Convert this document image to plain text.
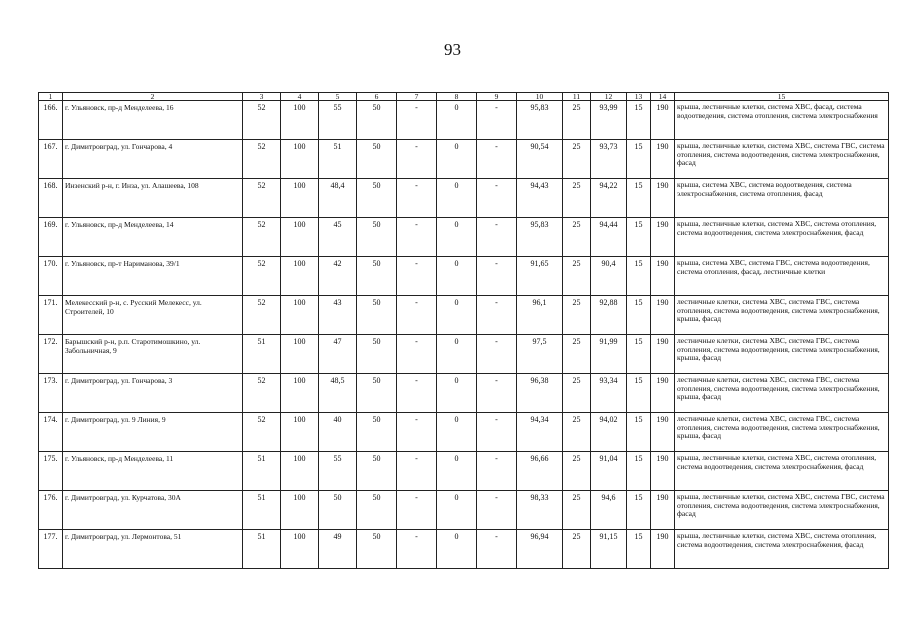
93
1	2	3	4	5	6	7	8	9	10	11	12	13	14	15
166.	г. Ульяновск, пр-д Менделеева, 16	52	100	55	50	-	0	-	95,83	25	93,99	15	190	крыша, лестничные клетки, система ХВС, фасад, система водоотведения, система отопления, система электроснабжения
167.	г. Димитровград, ул. Гончарова, 4	52	100	51	50	-	0	-	90,54	25	93,73	15	190	крыша, лестничные клетки, система ХВС, система ГВС, система отопления, система водоотведения, система электроснабжения, фасад
168.	Инзенский р-н, г. Инза, ул. Алашеева, 108	52	100	48,4	50	-	0	-	94,43	25	94,22	15	190	крыша, система ХВС, система водоотведения, система электроснабжения, система отопления, фасад
169.	г. Ульяновск, пр-д Менделеева, 14	52	100	45	50	-	0	-	95,83	25	94,44	15	190	крыша, лестничные клетки, система ХВС, система отопления, система водоотведения, система электроснабжения, фасад
170.	г. Ульяновск, пр-т Нариманова, 39/1	52	100	42	50	-	0	-	91,65	25	90,4	15	190	крыша, система ХВС, система ГВС, система водоотведения, система отопления, фасад, лестничные клетки
171.	Мелекесский р-н, с. Русский Мелекесс, ул. Строителей, 10	52	100	43	50	-	0	-	96,1	25	92,88	15	190	лестничные клетки, система ХВС, система ГВС, система отопления, система водоотведения, система электроснабжения, крыша, фасад
172.	Барышский р-н, р.п. Старотимошкино, ул. Забольничная, 9	51	100	47	50	-	0	-	97,5	25	91,99	15	190	лестничные клетки, система ХВС, система ГВС, система отопления, система водоотведения, система электроснабжения, крыша, фасад
173.	г. Димитровград, ул. Гончарова, 3	52	100	48,5	50	-	0	-	96,38	25	93,34	15	190	лестничные клетки, система ХВС, система ГВС, система отопления, система водоотведения, система электроснабжения, крыша, фасад
174.	г. Димитровград, ул. 9 Линия, 9	52	100	40	50	-	0	-	94,34	25	94,02	15	190	лестничные клетки, система ХВС, система ГВС, система отопления, система водоотведения, система электроснабжения, крыша, фасад
175.	г. Ульяновск, пр-д Менделеева, 11	51	100	55	50	-	0	-	96,66	25	91,04	15	190	крыша, лестничные клетки, система ХВС, система отопления, система водоотведения, система электроснабжения, фасад
176.	г. Димитровград, ул. Курчатова, 30А	51	100	50	50	-	0	-	98,33	25	94,6	15	190	крыша, лестничные клетки, система ХВС, система ГВС, система отопления, система водоотведения, система электроснабжения, фасад
177.	г. Димитровград, ул. Лермонтова, 51	51	100	49	50	-	0	-	96,94	25	91,15	15	190	крыша, лестничные клетки, система ХВС, система отопления, система водоотведения, система электроснабжения, фасад
